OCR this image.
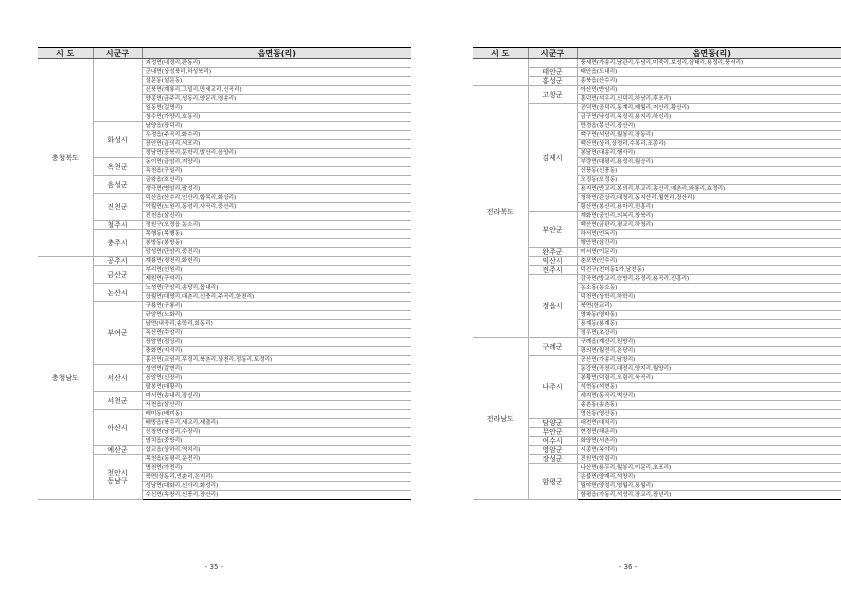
시 도	시군구	읍면동(리)
충청북도		괴정면(내정리,판동리)
		군내면(상성북리,하성북리)
		설문동(설문동)
		신북면(계룡리,그밀리,만세교리,신곡리)
		양종면(금주리,성동리,양문리,영송리)
		일동면(길명리)
		청수면(가양리,호동리)
	화성시	남양읍(장덕리)
		우정읍(주곡리,화수리)
		장안면(금의리,석포리)
		정남면(공북리,문학리,발산리,음양리)
	옥천군	동이면(금암리,지양리)
		옥천읍(구일리)
	음성군	금왕읍(호산리)
		생극면(병암리,팔성리)
	진천군	덕산읍(산수리,인산리,합목리,화상리)
		이월면(노원리,동성리,사곡리,중산리)
		진천읍(삼신리)
	청주시	정원구(오정읍 농소리)
	충주시	목행동(목행동)
		봉방동(봉방동)
		앙성면(단암리,중전리)
충청남도	공주시	계룡면(경천리,화헌리)
	금산군	부리면(선원리)
		제원면(구억리)
	논산시	노성면(구암리,송당리,읍내리)
		상월면(대명리,대촌리,신충리,주곡리,한천리)
	부여군	구룡면(구룡리)
		규암면(노화리)
		남면(내곡리,송학리,회동리)
		옥산면(수암리)
		장암면(점상리)
		충화면(지석리)
		홍산면(교원리,무정리,북촌리,상천리,정동리,토정리)
	서산시	성연면(갈현리)
		음암면(신장리)
		팔봉면(대황리)
	서천군	마서면(송내리,장선리)
		서천읍(삼산리)
	아산시	배미동(배미동)
		배방읍(북수리,세교리,세출리)
		신창면(남성리,수장리)
		염치읍(중방리)
	예산군	삽교읍(상하리,역치리)
	천안시
동남구	목천읍(동평리,운전리)
		병천면(가전리)
		북면(상동리,연춘리,은지리)
		성남면(대화리,신사리,화성리)
		수신면(속창리,신풍리,장산리)
시 도	시군구	읍면동(리)
		풍세면(가송리,남관리,두남리,미죽리,보성리,삼태리,용정리,풍서리)
	태안군	태안읍(도내리)
	홍성군	홍북읍(산수리)
전라북도	고창군	아산면(반암리)
		흥덕면(석우리,신덕리,하남리,후포리)
	김제시	공덕면(공덕리,동계리,제월리,저산리,황산리)
		금구면(낙성리,옥성리,용지리,하신리)
		만경읍(몽산리,장산리)
		백구면(석담리,월봉리,장동리)
		백산면(상리,상정리,수록리,조종리)
		봉남면(대송리,행사리)
		부량면(대평리,용성리,월승리)
		신풍동(신풍동)
		오정동(오정동)
		용지면(반교리,봉의리,부교리,송산리,예촌리,와룡리,효정리)
		청하면(관상리,대청리,동지산리,월현리,장산리)
		황산면(봉산리,용마리,진흥리)
	부안군	계화면(궁안리,의복리,창북리)
		백산면(금판리,평교리,하청리)
		하서면(언독리)
		행안면(삼간리)
	완주군	이서면(이문리)
	익산시	춘포면(인수리)
	전주시	덕진구(전미동1가,남전동)
	정읍시	감곡면(방교리,승방리,유정리,용곡리,진흥리)
		농소동(농소동)
		덕천면(상학리,하학리)
		북면(한교리)
		영파동(영파동)
		용계동(용계동)
		정우면(초강리)
전라남도	구례군	구례읍(계산리,원방리)
		광의면(월전리,온당리)
	나주시	공산면(가송리,남창리)
		동강면(곡천리,대전리,양지리,월양리)
		봉황면(덕림리,오림리,욱곡리)
		석현동(석현동)
		세지면(동곡리,벽산리)
		송촌동(송촌동)
		영산동(영산동)
	담양군	대전면(대치리)
	무안군	현경면(해운리)
	여수시	화양면(서촌리)
	영암군	시종면(옥야리)
	장성군	진원면(학림리)
	함평군	나산면(용두리,월봉리,이문리,초포리)
		손불면(양재리,석창리)
		월야면(양정리,영월리,용월리)
		함평읍(가동리,석성리,장교리,장년리)
- 35 -	- 36 -
